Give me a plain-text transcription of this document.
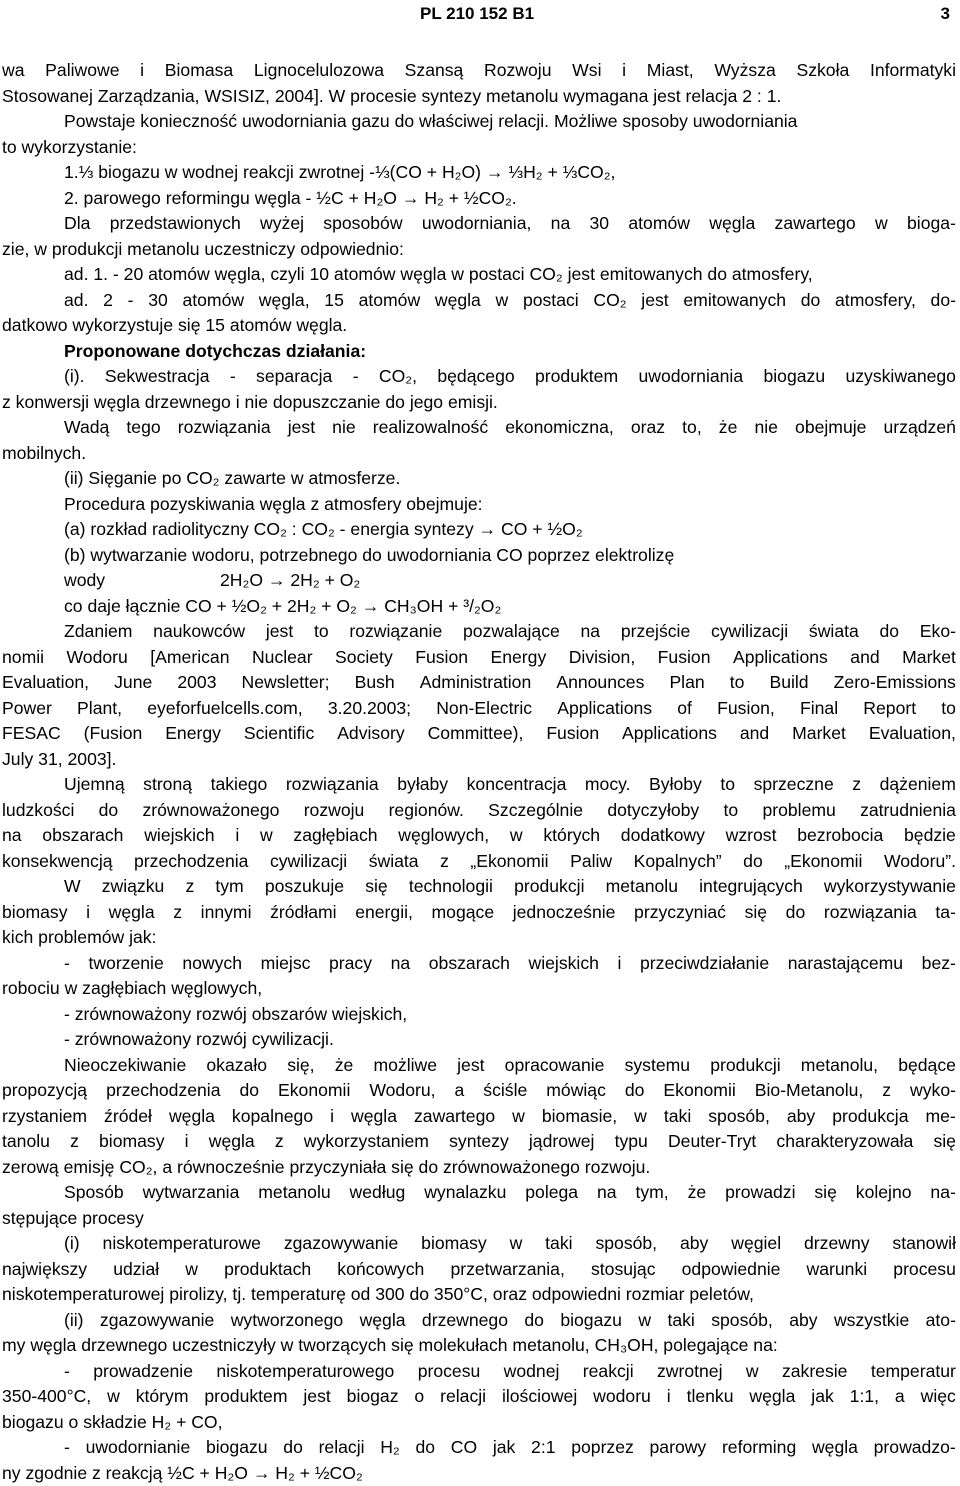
PL 210 152 B1	3
wa Paliwowe i Biomasa Lignocelulozowa Szansą Rozwoju Wsi i Miast, Wyższa Szkoła Informatyki
Stosowanej Zarządzania, WSISIZ, 2004]. W procesie syntezy metanolu wymagana jest relacja 2 : 1.
Powstaje konieczność uwodorniania gazu do właściwej relacji. Możliwe sposoby uwodorniania
to wykorzystanie:
1.⅓ biogazu w wodnej reakcji zwrotnej -⅓(CO + H₂O) → ⅓H₂ + ⅓CO₂,
2. parowego reformingu węgla - ½C + H₂O → H₂ + ½CO₂.
Dla przedstawionych wyżej sposobów uwodorniania, na 30 atomów węgla zawartego w bioga-
zie, w produkcji metanolu uczestniczy odpowiednio:
ad. 1. - 20 atomów węgla, czyli 10 atomów węgla w postaci CO₂ jest emitowanych do atmosfery,
ad. 2 - 30 atomów węgla, 15 atomów węgla w postaci CO₂ jest emitowanych do atmosfery, do-
datkowo wykorzystuje się 15 atomów węgla.
Proponowane dotychczas działania:
(i). Sekwestracja - separacja - CO₂, będącego produktem uwodorniania biogazu uzyskiwanego
z konwersji węgla drzewnego i nie dopuszczanie do jego emisji.
Wadą tego rozwiązania jest nie realizowalność ekonomiczna, oraz to, że nie obejmuje urządzeń
mobilnych.
(ii) Sięganie po CO₂ zawarte w atmosferze.
Procedura pozyskiwania węgla z atmosfery obejmuje:
(a) rozkład radiolityczny CO₂ : CO₂ - energia syntezy → CO + ½O₂
(b) wytwarzanie wodoru, potrzebnego do uwodorniania CO poprzez elektrolizę
wody	2H₂O → 2H₂ + O₂
co daje łącznie CO + ½O₂ + 2H₂ + O₂ → CH₃OH + ³/₂O₂
Zdaniem naukowców jest to rozwiązanie pozwalające na przejście cywilizacji świata do Eko-
nomii Wodoru [American Nuclear Society Fusion Energy Division, Fusion Applications and Market
Evaluation, June 2003 Newsletter; Bush Administration Announces Plan to Build Zero-Emissions
Power Plant, eyeforfuelcells.com, 3.20.2003; Non-Electric Applications of Fusion, Final Report to
FESAC (Fusion Energy Scientific Advisory Committee), Fusion Applications and Market Evaluation,
July 31, 2003].
Ujemną stroną takiego rozwiązania byłaby koncentracja mocy. Byłoby to sprzeczne z dążeniem
ludzkości do zrównoważonego rozwoju regionów. Szczególnie dotyczyłoby to problemu zatrudnienia
na obszarach wiejskich i w zagłębiach węglowych, w których dodatkowy wzrost bezrobocia będzie
konsekwencją przechodzenia cywilizacji świata z „Ekonomii Paliw Kopalnych” do „Ekonomii Wodoru”.
W związku z tym poszukuje się technologii produkcji metanolu integrujących wykorzystywanie
biomasy i węgla z innymi źródłami energii, mogące jednocześnie przyczyniać się do rozwiązania ta-
kich problemów jak:
- tworzenie nowych miejsc pracy na obszarach wiejskich i przeciwdziałanie narastającemu bez-
robociu w zagłębiach węglowych,
- zrównoważony rozwój obszarów wiejskich,
- zrównoważony rozwój cywilizacji.
Nieoczekiwanie okazało się, że możliwe jest opracowanie systemu produkcji metanolu, będące
propozycją przechodzenia do Ekonomii Wodoru, a ściśle mówiąc do Ekonomii Bio-Metanolu, z wyko-
rzystaniem źródeł węgla kopalnego i węgla zawartego w biomasie, w taki sposób, aby produkcja me-
tanolu z biomasy i węgla z wykorzystaniem syntezy jądrowej typu Deuter-Tryt charakteryzowała się
zerową emisję CO₂, a równocześnie przyczyniała się do zrównoważonego rozwoju.
Sposób wytwarzania metanolu według wynalazku polega na tym, że prowadzi się kolejno na-
stępujące procesy
(i) niskotemperaturowe zgazowywanie biomasy w taki sposób, aby węgiel drzewny stanowił
największy udział w produktach końcowych przetwarzania, stosując odpowiednie warunki procesu
niskotemperaturowej pirolizy, tj. temperaturę od 300 do 350°C, oraz odpowiedni rozmiar peletów,
(ii) zgazowywanie wytworzonego węgla drzewnego do biogazu w taki sposób, aby wszystkie ato-
my węgla drzewnego uczestniczyły w tworzących się molekułach metanolu, CH₃OH, polegające na:
- prowadzenie niskotemperaturowego procesu wodnej reakcji zwrotnej w zakresie temperatur
350-400°C, w którym produktem jest biogaz o relacji ilościowej wodoru i tlenku węgla jak 1:1, a więc
biogazu o składzie H₂ + CO,
- uwodornianie biogazu do relacji H₂ do CO jak 2:1 poprzez parowy reforming węgla prowadzo-
ny zgodnie z reakcją ½C + H₂O → H₂ + ½CO₂
